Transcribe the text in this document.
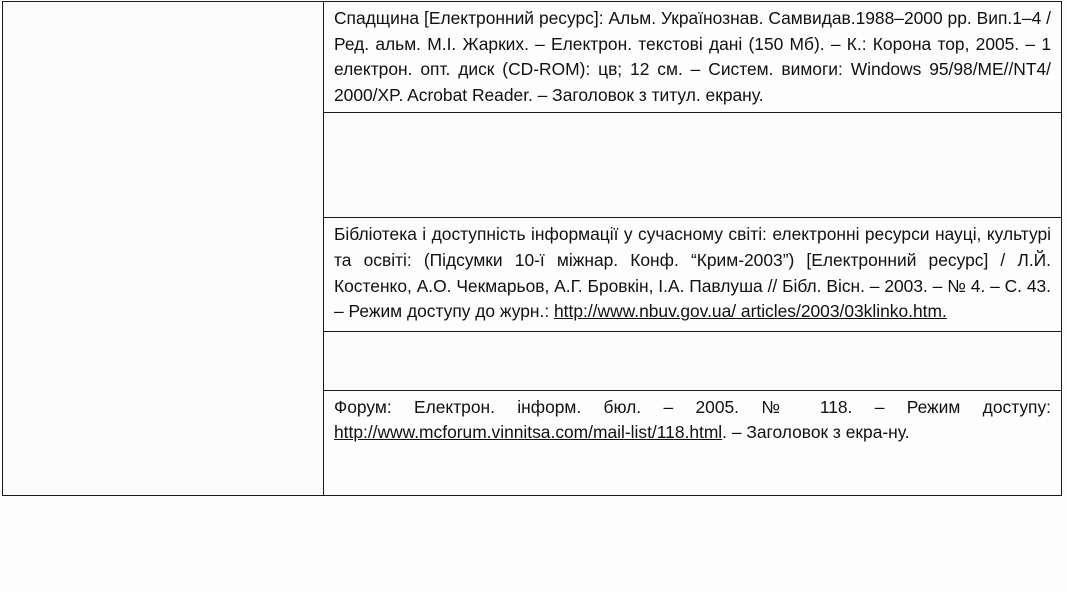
Спадщина [Електронний ресурс]: Альм. Українознав. Самвидав.1988–2000 рр. Вип.1–4 / Ред. альм. М.І. Жарких. – Електрон. текстові дані (150 Мб). – К.: Корона тор, 2005. – 1 електрон. опт. диск (CD-ROM): цв; 12 см. – Систем. вимоги: Windows 95/98/ME//NT4/ 2000/XP. Acrobat Reader. – Заголовок з титул. екрану.

Бібліотека і доступність інформації у сучасному світі: електронні ресурси науці, культурі та освіті: (Підсумки 10-ї міжнар. Конф. “Крим-2003”) [Електронний ресурс] / Л.Й. Костенко, А.О. Чекмарьов, А.Г. Бровкін, І.А. Павлуша // Бібл. Вісн. – 2003. – № 4. – С. 43. – Режим доступу до журн.: http://www.nbuv.gov.ua/ articles/2003/03klinko.htm.

Форум: Електрон. інформ. бюл. – 2005. № 118. – Режим доступу: http://www.mcforum.vinnitsa.com/mail-list/118.html. – Заголовок з екра-ну.
